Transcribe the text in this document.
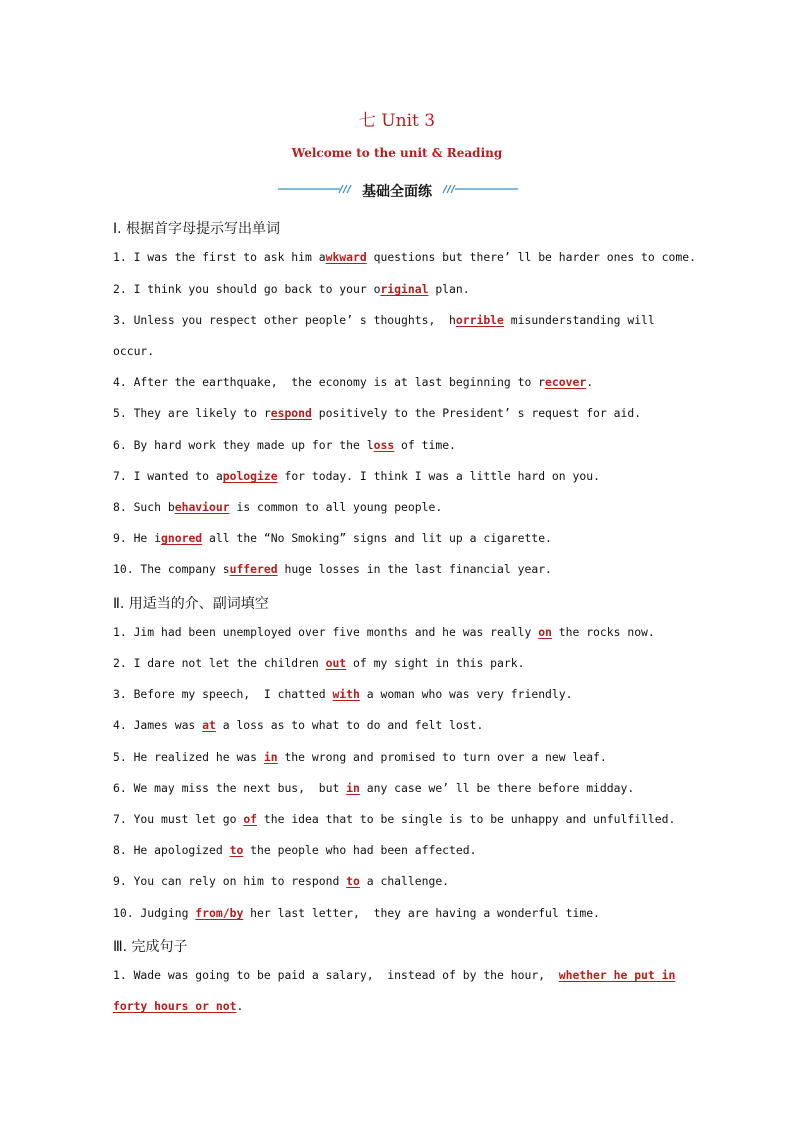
七 Unit 3
Welcome to the unit & Reading
基础全面练
Ⅰ. 根据首字母提示写出单词
1. I was the first to ask him awkward questions but there’ ll be harder ones to come.
2. I think you should go back to your original plan.
3. Unless you respect other people’ s thoughts,  horrible misunderstanding will
occur.
4. After the earthquake,  the economy is at last beginning to recover.
5. They are likely to respond positively to the President’ s request for aid.
6. By hard work they made up for the loss of time.
7. I wanted to apologize for today. I think I was a little hard on you.
8. Such behaviour is common to all young people.
9. He ignored all the “No Smoking” signs and lit up a cigarette.
10. The company suffered huge losses in the last financial year.
Ⅱ. 用适当的介、副词填空
1. Jim had been unemployed over five months and he was really on the rocks now.
2. I dare not let the children out of my sight in this park.
3. Before my speech,  I chatted with a woman who was very friendly.
4. James was at a loss as to what to do and felt lost.
5. He realized he was in the wrong and promised to turn over a new leaf.
6. We may miss the next bus,  but in any case we’ ll be there before midday.
7. You must let go of the idea that to be single is to be unhappy and unfulfilled.
8. He apologized to the people who had been affected.
9. You can rely on him to respond to a challenge.
10. Judging from/by her last letter,  they are having a wonderful time.
Ⅲ. 完成句子
1. Wade was going to be paid a salary,  instead of by the hour,  whether he put in
forty hours or not.
